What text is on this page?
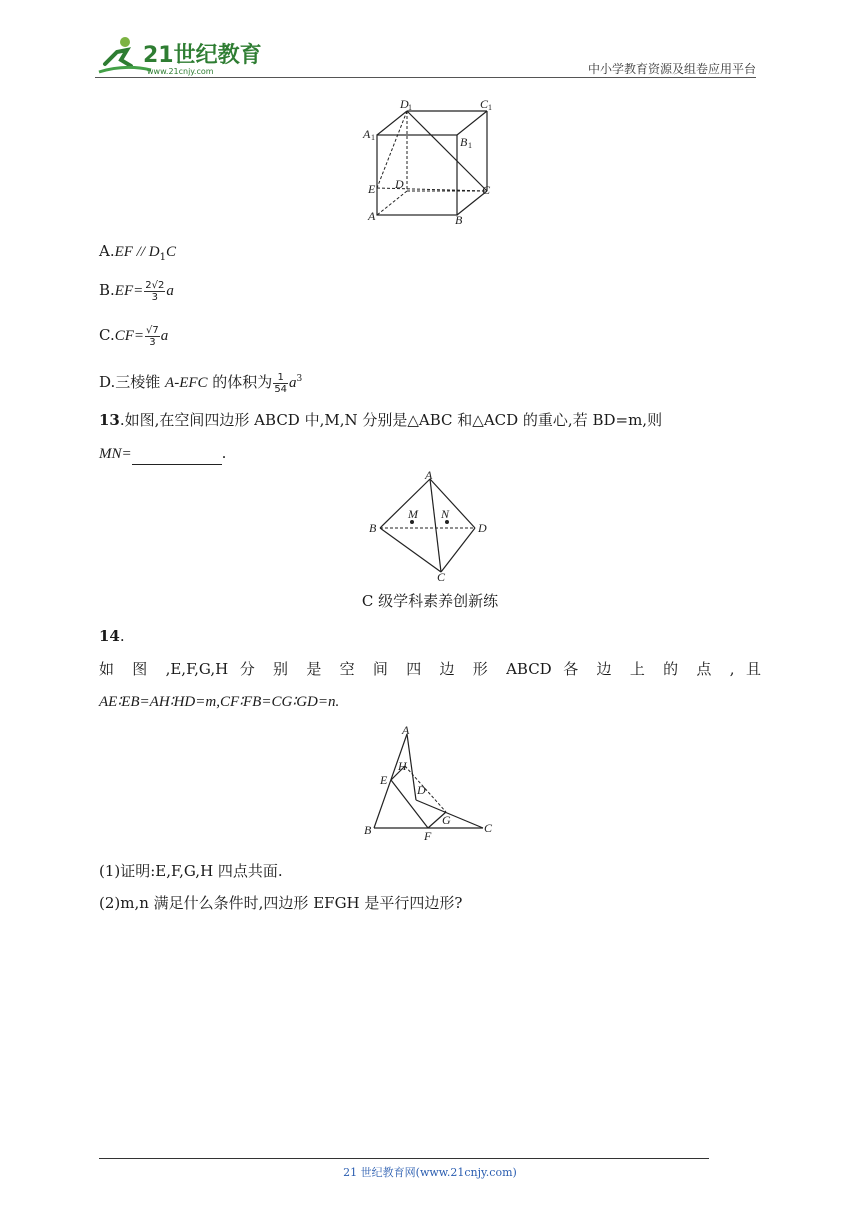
21世纪教育
www.21cnjy.com	中小学教育资源及组卷应用平台
D 1	C 1
A 1	B 1
E D	C
A	B
$A.EF // D_1C$
$B.EF= \frac{2√2}{3}$ a
$C.CF= \frac{√7}{3}$ a
D.三棱锥 A-EFC 的体积为 $\frac{1}{54} a^3$
13.如图,在空间四边形 ABCD 中,M,N 分别是△ABC 和△ACD 的重心,若 BD=m,则
MN=	.
A
B	D
C
M N
C 级学科素养创新练
14.
如 图 ,E,F,G,H 分 别 是 空 间 四 边 形 ABCD 各 边 上 的 点 , 且
AE∶EB=AH∶HD=m,CF∶FB=CG∶GD=n.
A
H
E
D
G
B	F
C
(1)证明:E,F,G,H 四点共面.
(2)m,n 满足什么条件时,四边形 EFGH 是平行四边形?
21 世纪教育网(www.21cnjy.com)
